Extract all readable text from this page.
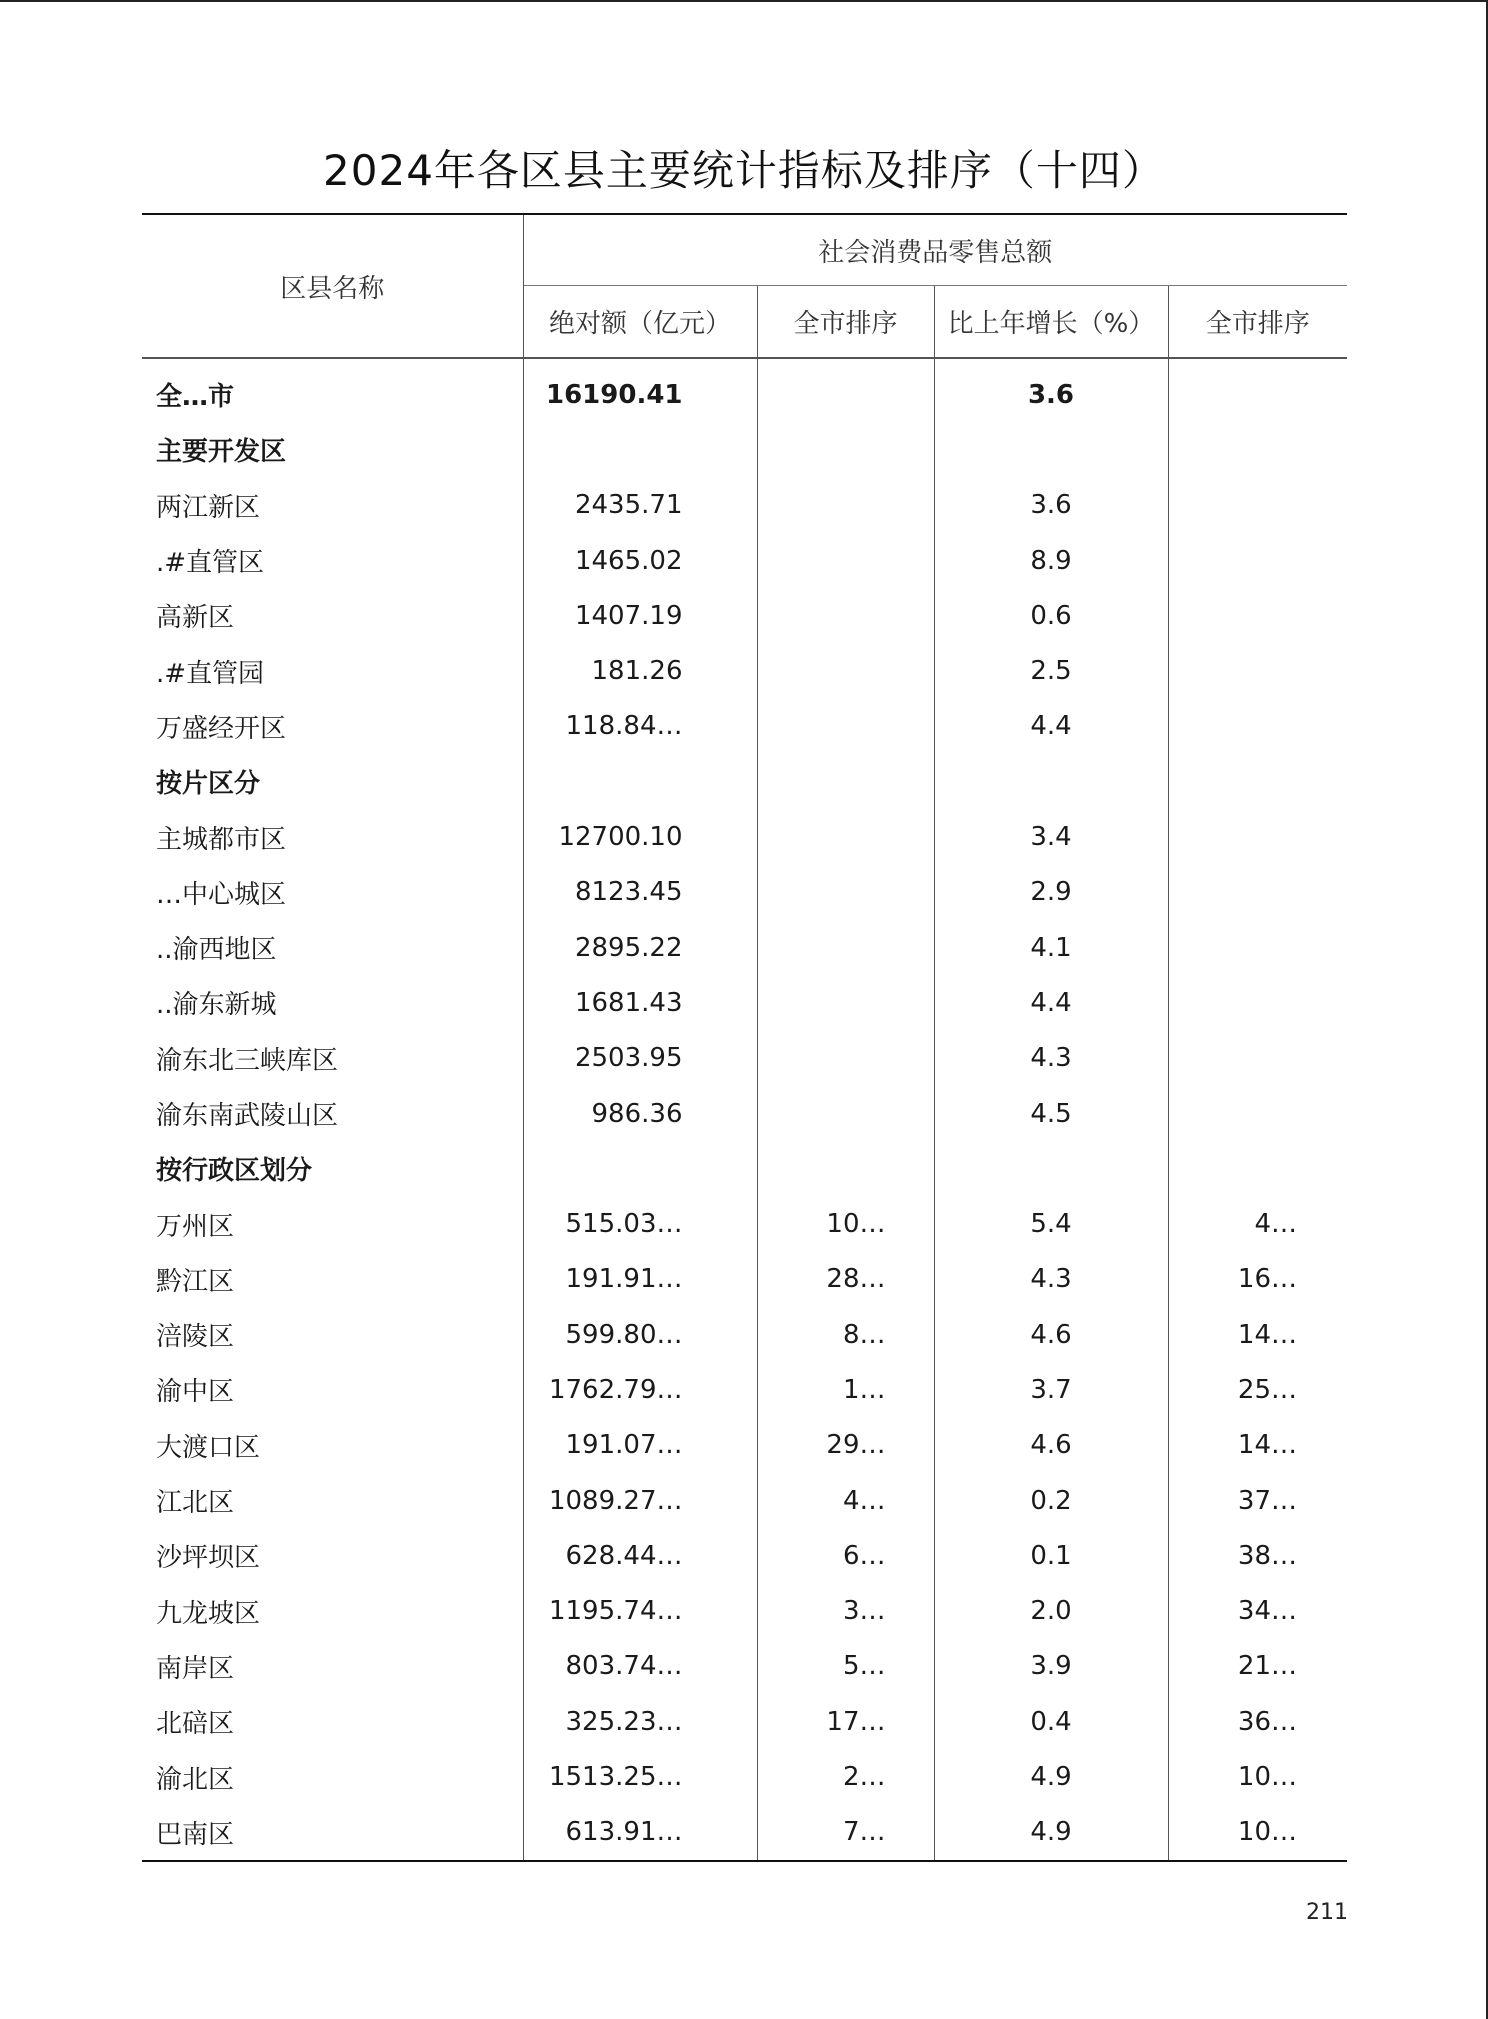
2024年各区县主要统计指标及排序（十四）
区县名称	社会消费品零售总额			
	绝对额（亿元）	全市排序	比上年增长（%）	全市排序
全…市	16190.41		3.6	
主要开发区				
两江新区	2435.71		3.6	
.#直管区	1465.02		8.9	
高新区	1407.19		0.6	
.#直管园	181.26		2.5	
万盛经开区	118.84…		4.4	
按片区分				
主城都市区	12700.10		3.4	
…中心城区	8123.45		2.9	
..渝西地区	2895.22		4.1	
..渝东新城	1681.43		4.4	
渝东北三峡库区	2503.95		4.3	
渝东南武陵山区	986.36		4.5	
按行政区划分				
万州区	515.03…	10…	5.4	4…
黔江区	191.91…	28…	4.3	16…
涪陵区	599.80…	8…	4.6	14…
渝中区	1762.79…	1…	3.7	25…
大渡口区	191.07…	29…	4.6	14…
江北区	1089.27…	4…	0.2	37…
沙坪坝区	628.44…	6…	0.1	38…
九龙坡区	1195.74…	3…	2.0	34…
南岸区	803.74…	5…	3.9	21…
北碚区	325.23…	17…	0.4	36…
渝北区	1513.25…	2…	4.9	10…
巴南区	613.91…	7…	4.9	10…
211
